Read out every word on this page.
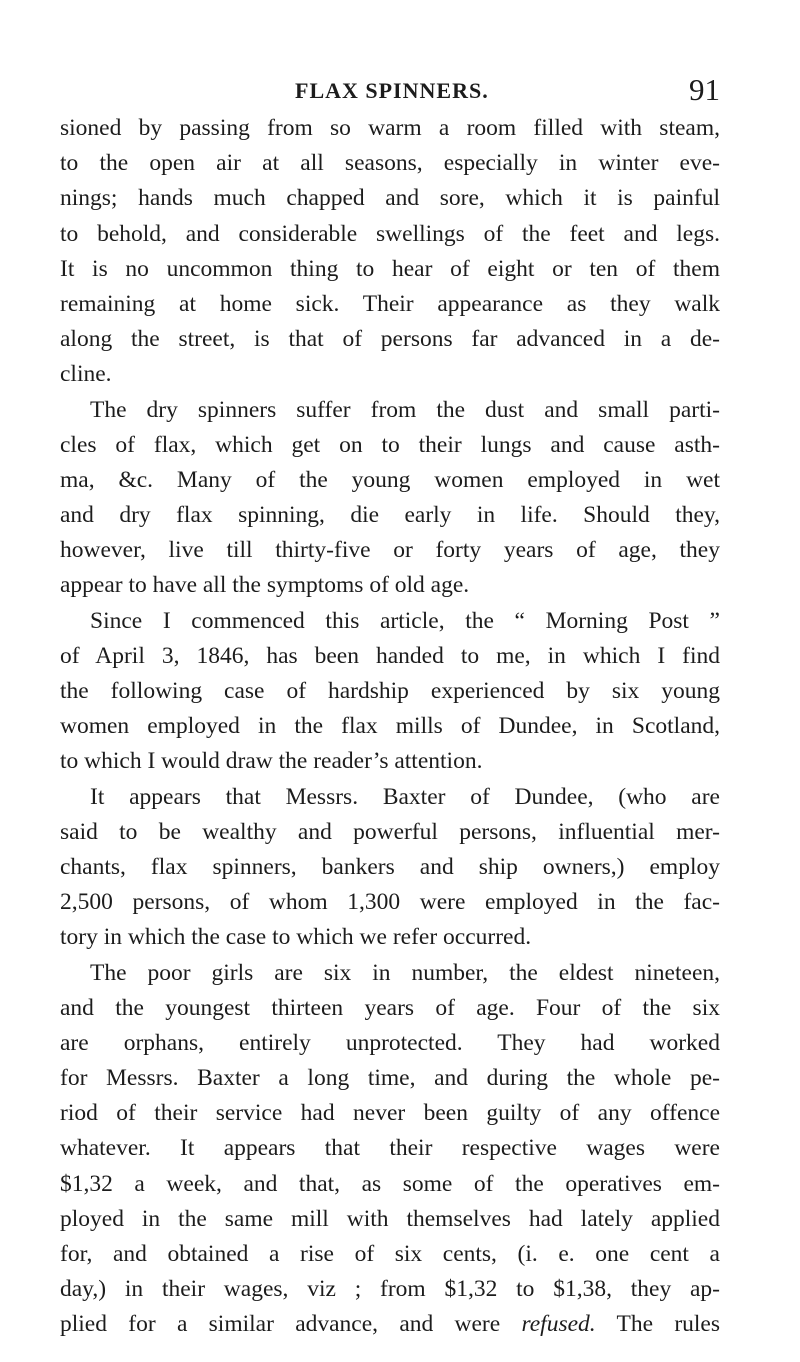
FLAX SPINNERS.	91
sioned by passing from so warm a room filled with steam,
to the open air at all seasons, especially in winter eve-
nings; hands much chapped and sore, which it is painful
to behold, and considerable swellings of the feet and legs.
It is no uncommon thing to hear of eight or ten of them
remaining at home sick. Their appearance as they walk
along the street, is that of persons far advanced in a de-
cline.
The dry spinners suffer from the dust and small parti-
cles of flax, which get on to their lungs and cause asth-
ma, &c. Many of the young women employed in wet
and dry flax spinning, die early in life. Should they,
however, live till thirty-five or forty years of age, they
appear to have all the symptoms of old age.
Since I commenced this article, the “ Morning Post ”
of April 3, 1846, has been handed to me, in which I find
the following case of hardship experienced by six young
women employed in the flax mills of Dundee, in Scotland,
to which I would draw the reader’s attention.
It appears that Messrs. Baxter of Dundee, (who are
said to be wealthy and powerful persons, influential mer-
chants, flax spinners, bankers and ship owners,) employ
2,500 persons, of whom 1,300 were employed in the fac-
tory in which the case to which we refer occurred.
The poor girls are six in number, the eldest nineteen,
and the youngest thirteen years of age. Four of the six
are orphans, entirely unprotected. They had worked
for Messrs. Baxter a long time, and during the whole pe-
riod of their service had never been guilty of any offence
whatever. It appears that their respective wages were
$1,32 a week, and that, as some of the operatives em-
ployed in the same mill with themselves had lately applied
for, and obtained a rise of six cents, (i. e. one cent a
day,) in their wages, viz ; from $1,32 to $1,38, they ap-
plied for a similar advance, and were refused. The rules
